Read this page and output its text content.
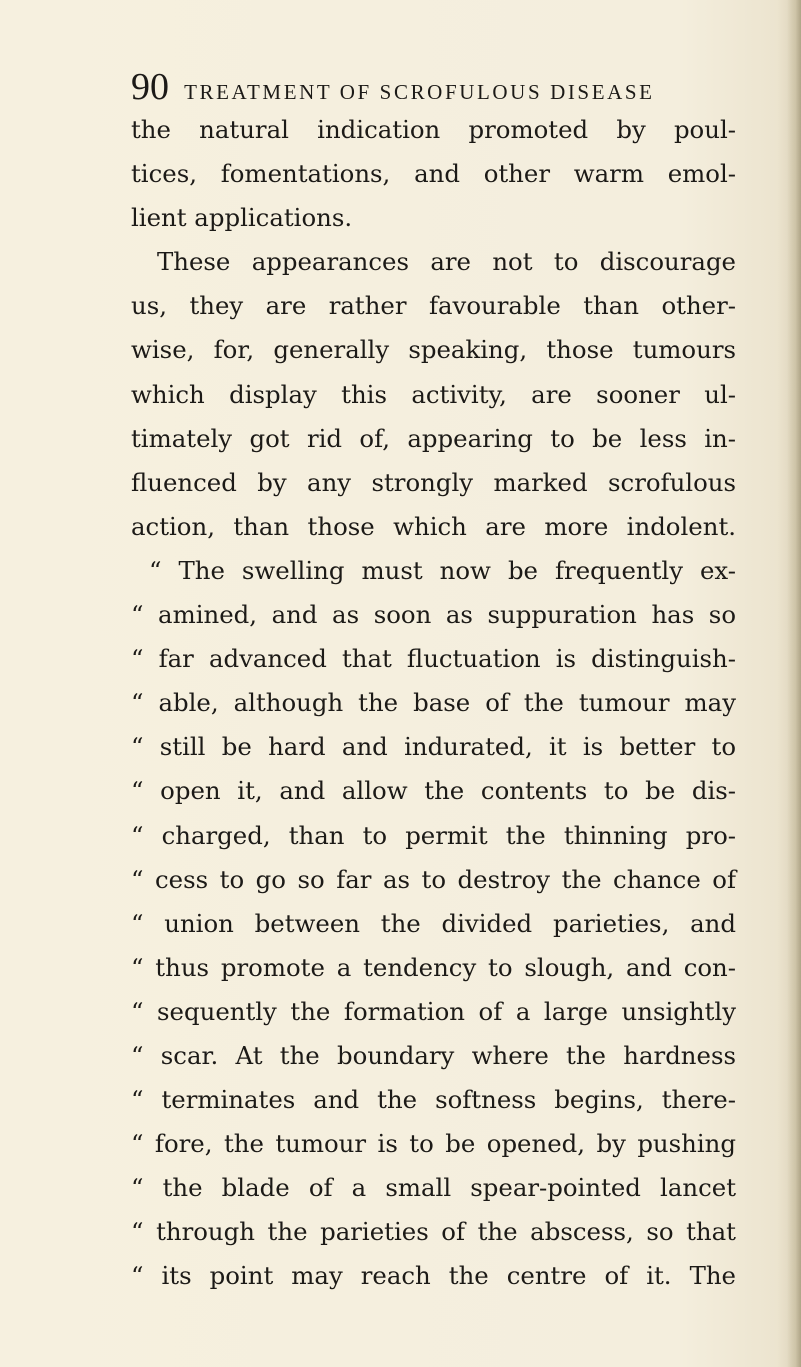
90 TREATMENT OF SCROFULOUS DISEASE
the natural indication promoted by poul-
tices, fomentations, and other warm emol-
lient applications.
These appearances are not to discourage
us, they are rather favourable than other-
wise, for, generally speaking, those tumours
which display this activity, are sooner ul-
timately got rid of, appearing to be less in-
fluenced by any strongly marked scrofulous
action, than those which are more indolent.
“ The swelling must now be frequently ex-
“ amined, and as soon as suppuration has so
“ far advanced that fluctuation is distinguish-
“ able, although the base of the tumour may
“ still be hard and indurated, it is better to
“ open it, and allow the contents to be dis-
“ charged, than to permit the thinning pro-
“ cess to go so far as to destroy the chance of
“ union between the divided parieties, and
“ thus promote a tendency to slough, and con-
“ sequently the formation of a large unsightly
“ scar. At the boundary where the hardness
“ terminates and the softness begins, there-
“ fore, the tumour is to be opened, by pushing
“ the blade of a small spear-pointed lancet
“ through the parieties of the abscess, so that
“ its point may reach the centre of it. The
